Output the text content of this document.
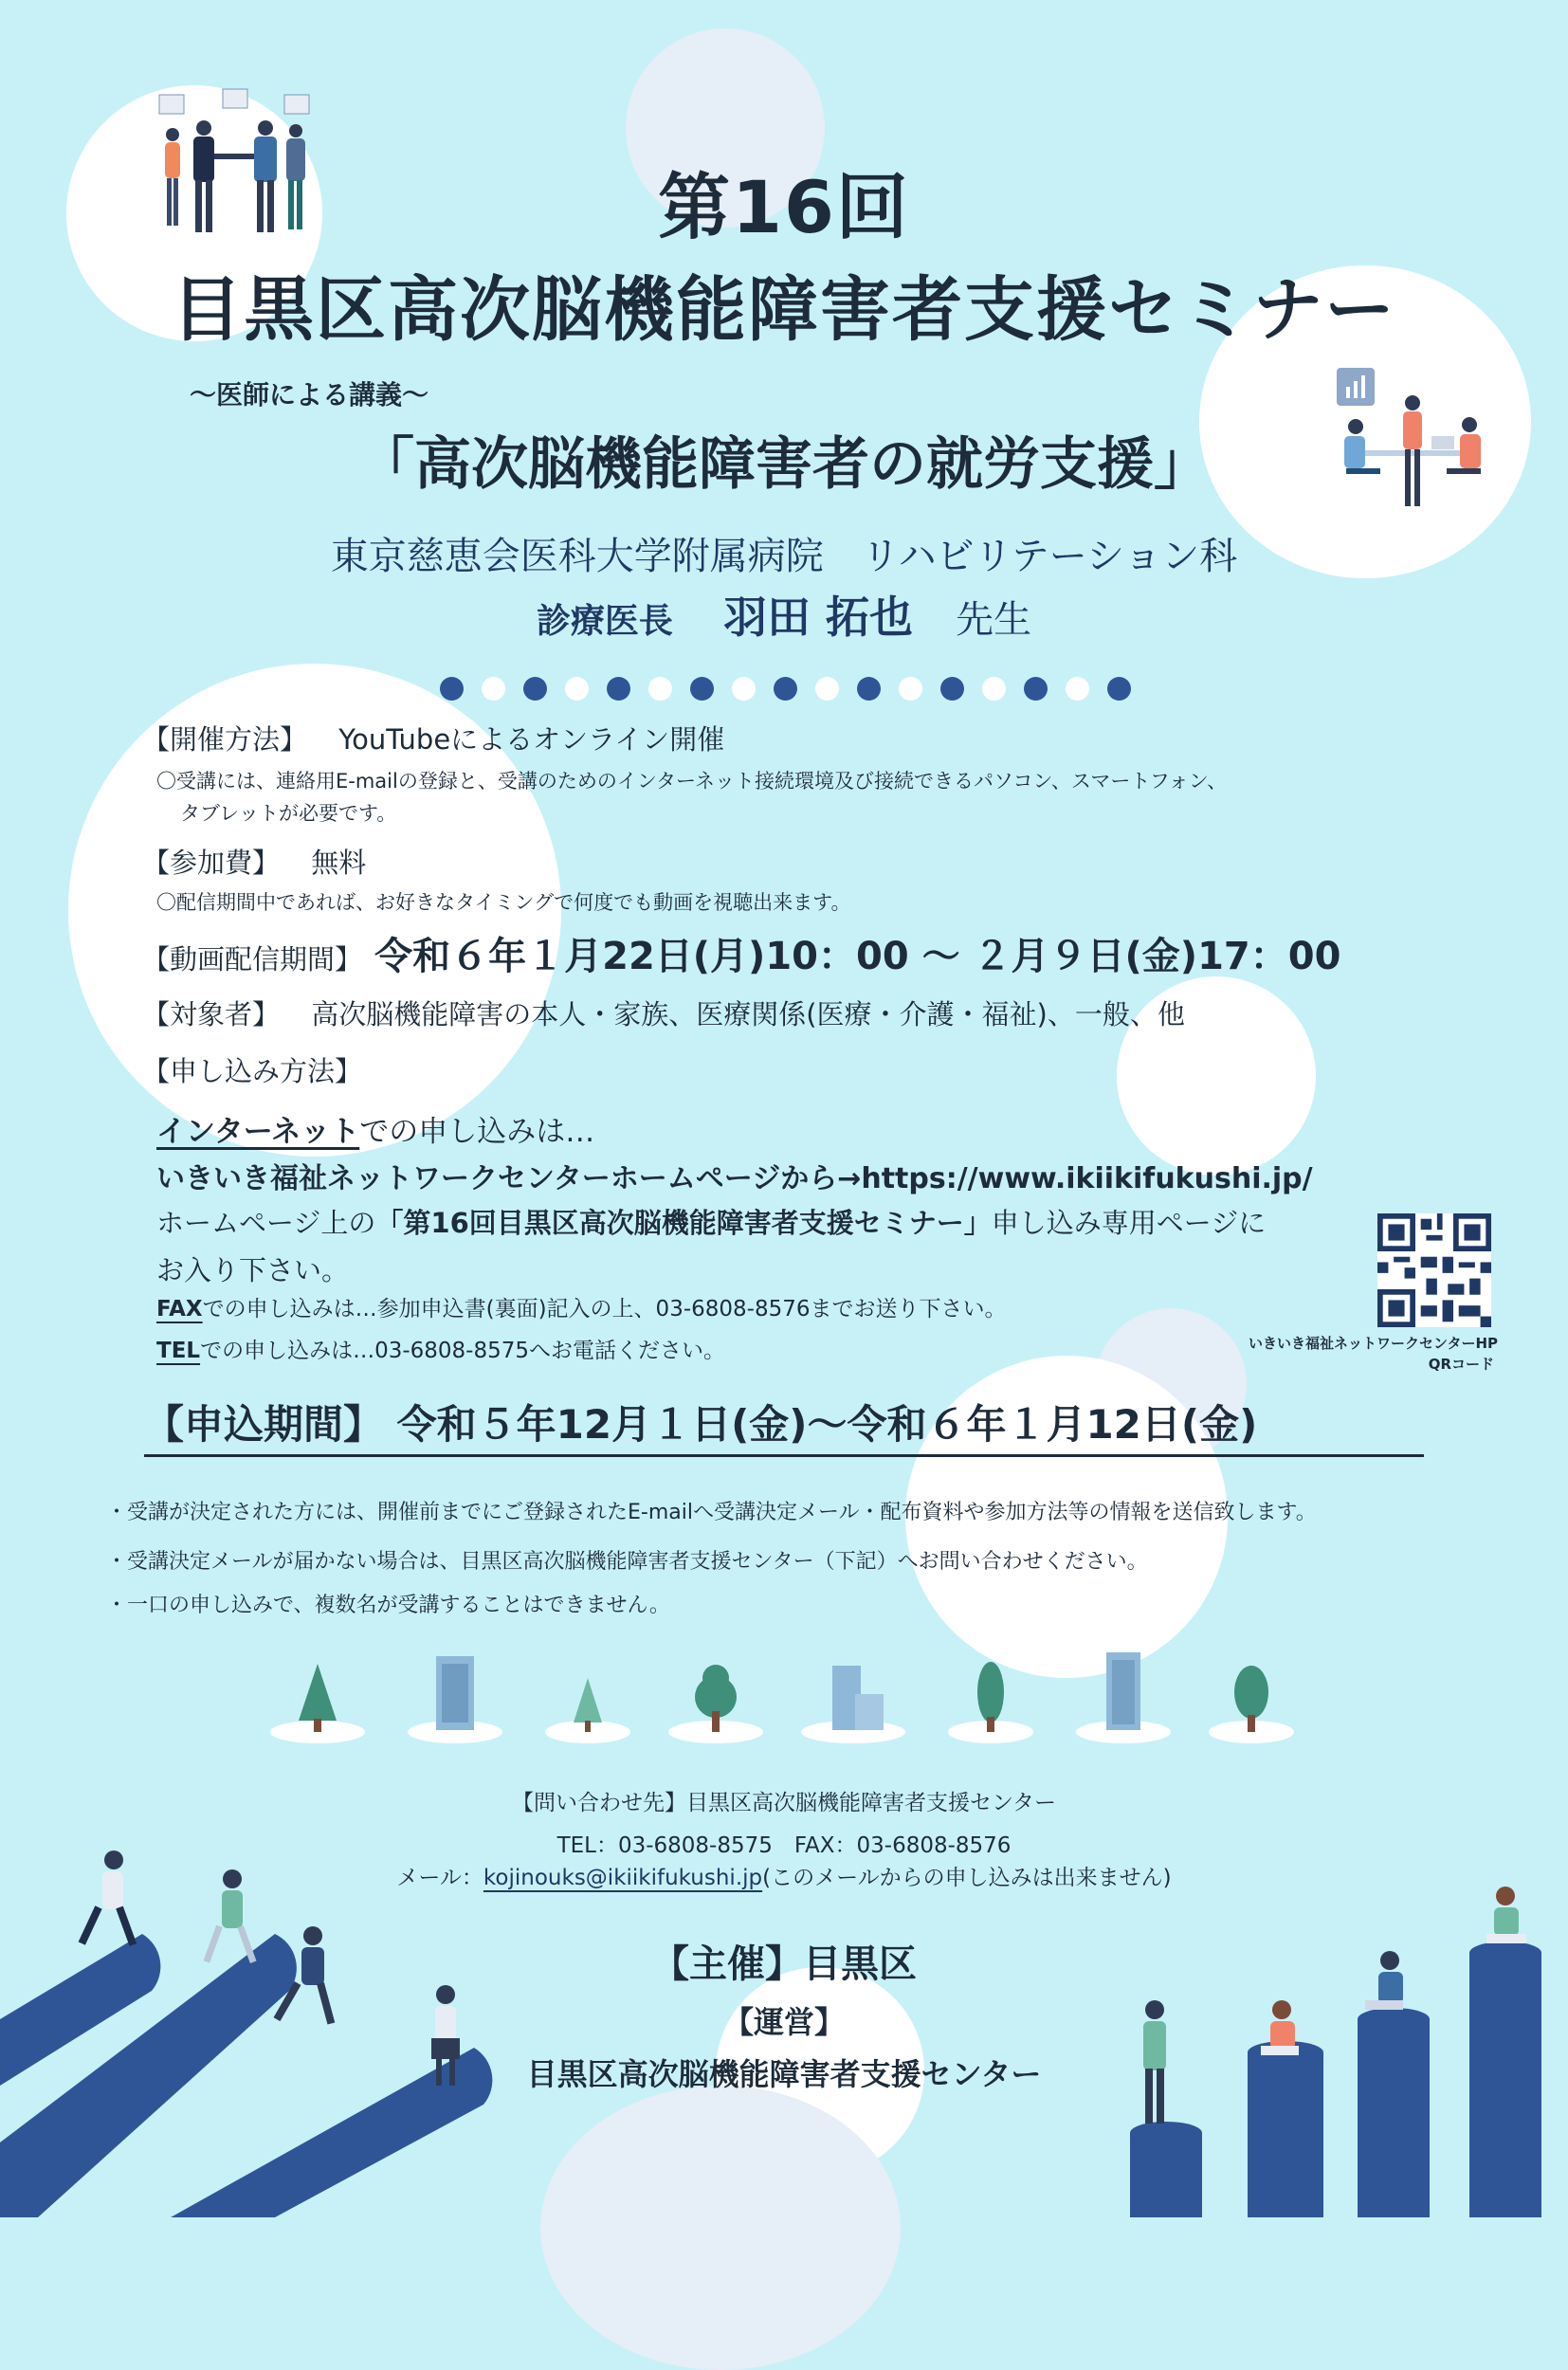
第16回
目黒区高次脳機能障害者支援セミナー
～医師による講義～
「高次脳機能障害者の就労支援」
東京慈恵会医科大学附属病院　リハビリテーション科
診療医長 羽田 拓也 先生
【開催方法】 YouTubeによるオンライン開催
〇受講には、連絡用E-mailの登録と、受講のためのインターネット接続環境及び接続できるパソコン、スマートフォン、
タブレットが必要です。
【参加費】 無料
〇配信期間中であれば、お好きなタイミングで何度でも動画を視聴出来ます。
【動画配信期間】 令和６年１月22日(月)10：00 ～ ２月９日(金)17：00
【対象者】 高次脳機能障害の本人・家族、医療関係(医療・介護・福祉)、一般、他
【申し込み方法】
インターネットでの申し込みは…
いきいき福祉ネットワークセンターホームページから→https://www.ikiikifukushi.jp/
ホームページ上の「第16回目黒区高次脳機能障害者支援セミナー」申し込み専用ページに
お入り下さい。
FAXでの申し込みは…参加申込書(裏面)記入の上、03-6808-8576までお送り下さい。
TELでの申し込みは…03-6808-8575へお電話ください。	いきいき福祉ネットワークセンターHP
QRコード
【申込期間】 令和５年12月１日(金)～令和６年１月12日(金)
・受講が決定された方には、開催前までにご登録されたE-mailへ受講決定メール・配布資料や参加方法等の情報を送信致します。
・受講決定メールが届かない場合は、目黒区高次脳機能障害者支援センター（下記）へお問い合わせください。
・一口の申し込みで、複数名が受講することはできません。
【問い合わせ先】目黒区高次脳機能障害者支援センター
TEL：03-6808-8575　FAX：03-6808-8576
メール：kojinouks@ikiikifukushi.jp(このメールからの申し込みは出来ません)
【主催】目黒区
【運営】
目黒区高次脳機能障害者支援センター
